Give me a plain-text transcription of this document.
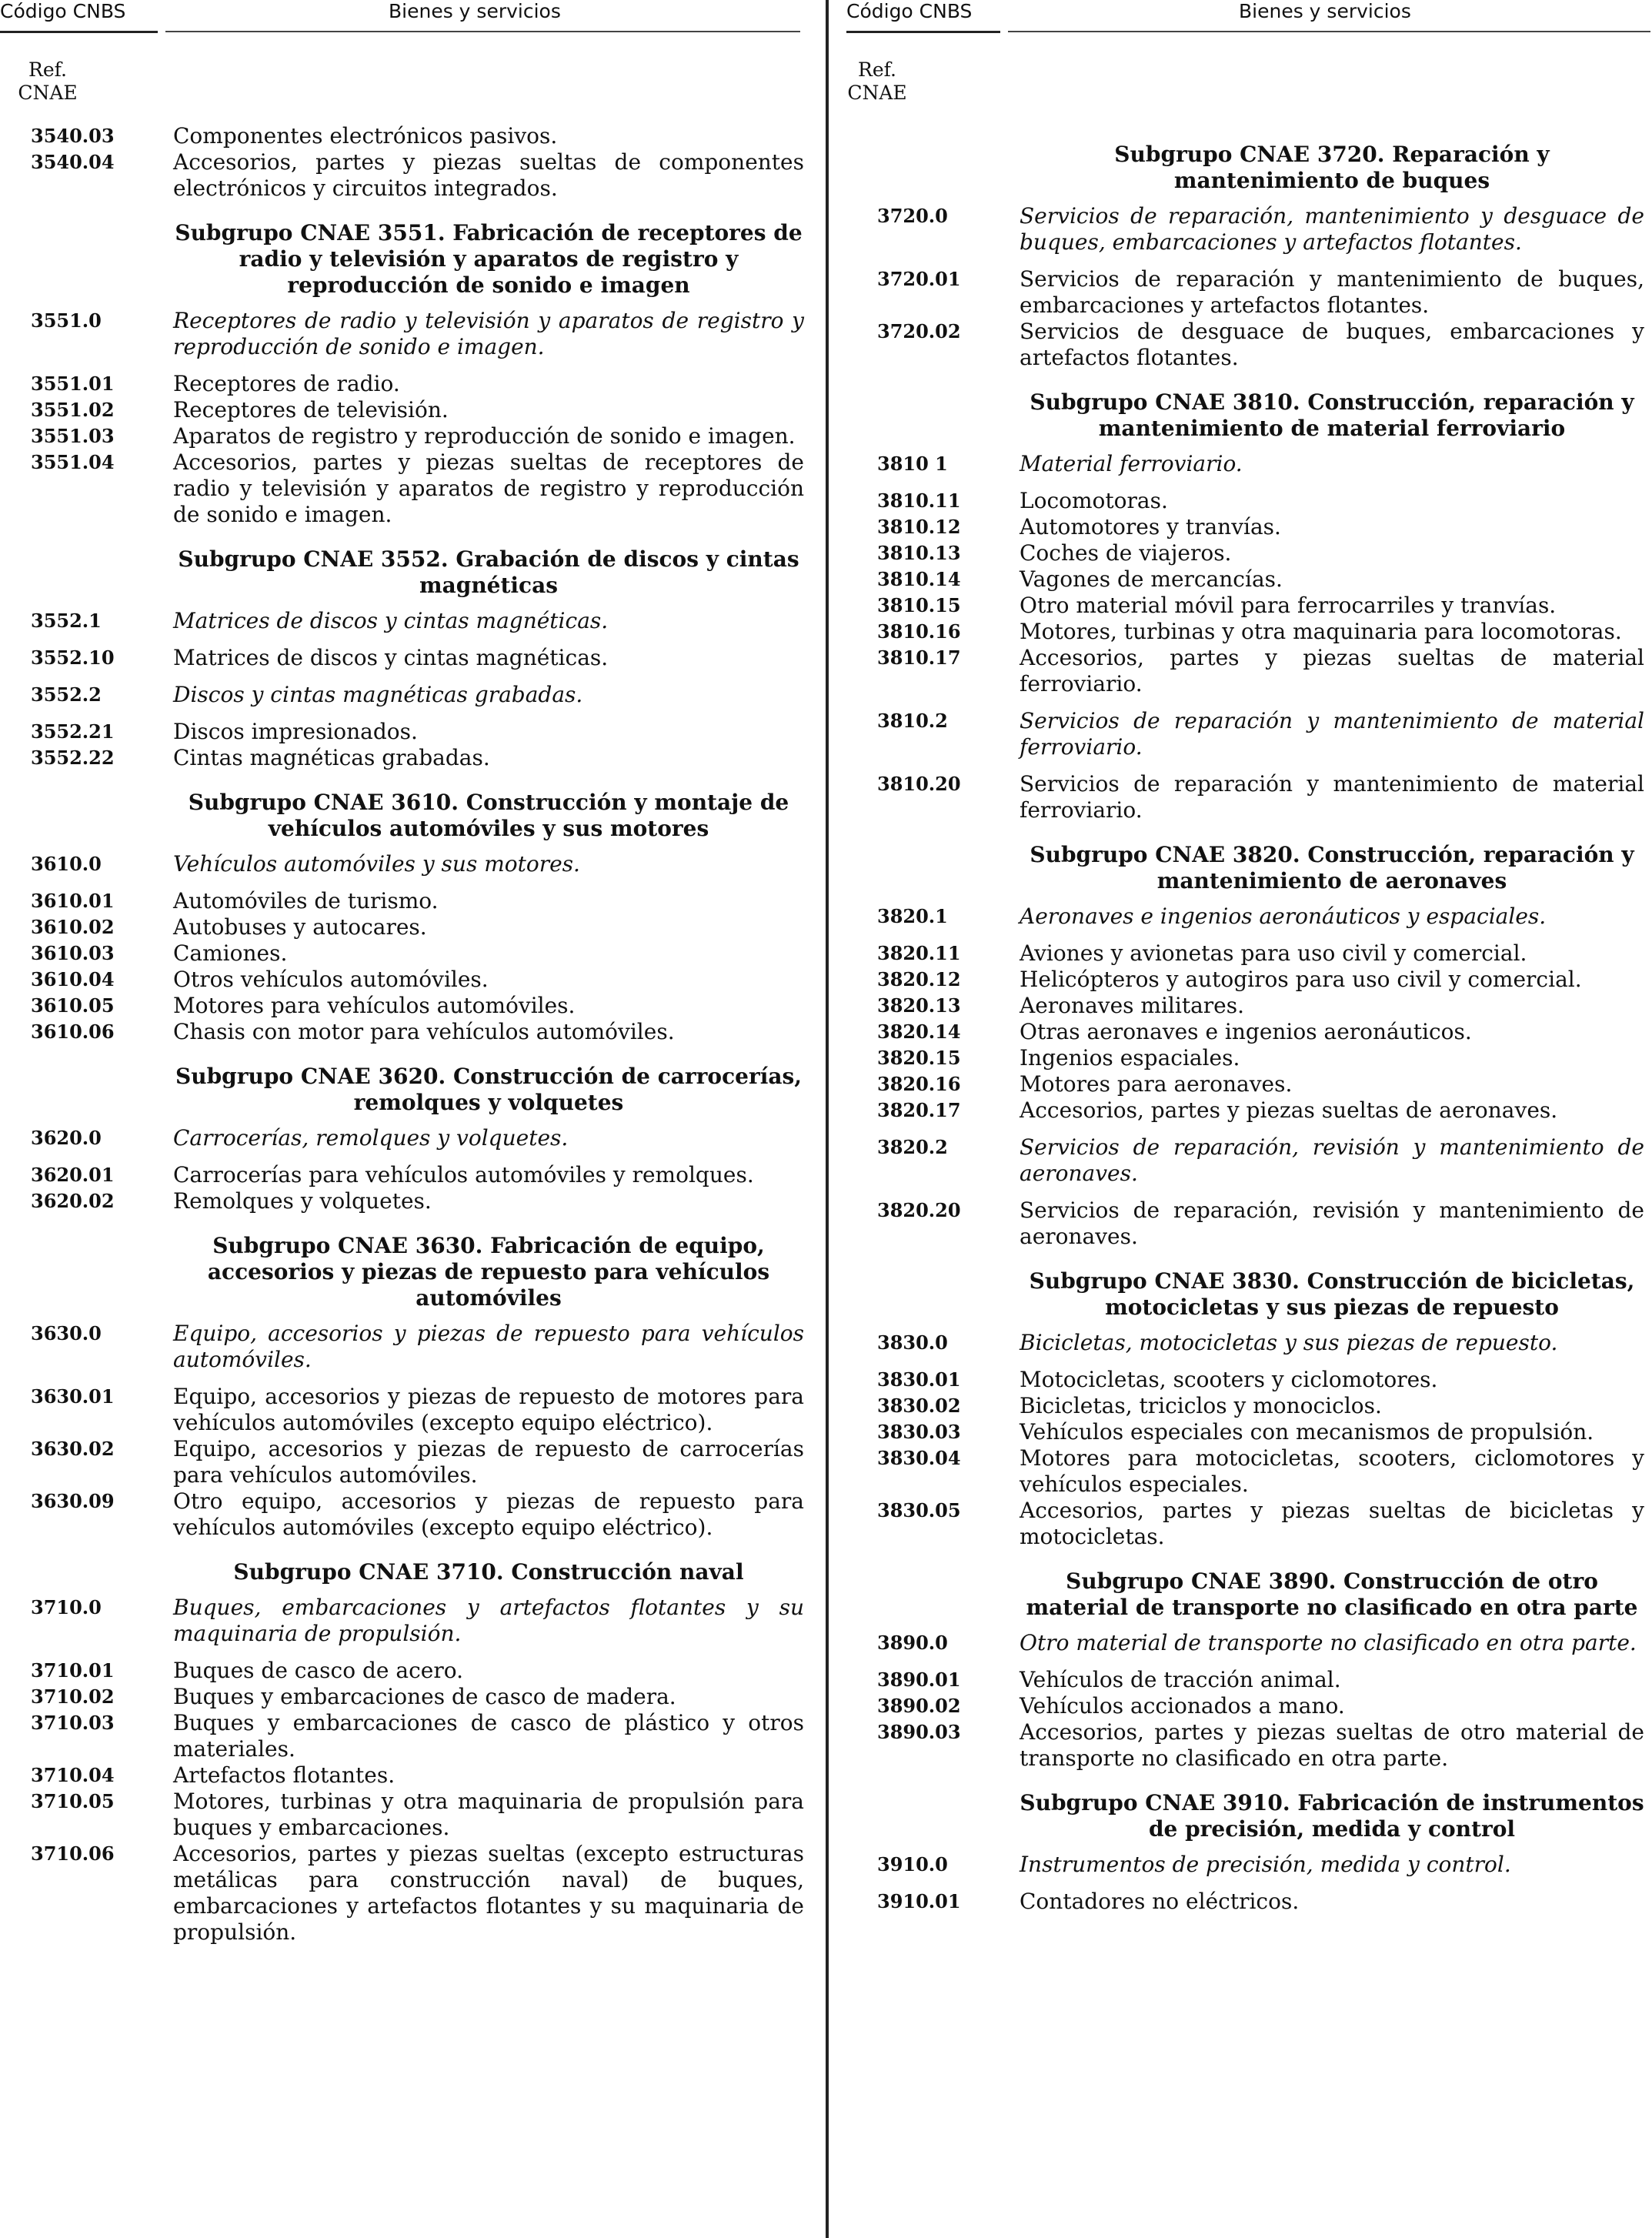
Código CNBS	Bienes y servicios
Ref.
CNAE
3540.03	Componentes electrónicos pasivos.
3540.04	Accesorios, partes y piezas sueltas de componentes electrónicos y circuitos integrados.
Subgrupo CNAE 3551. Fabricación de receptores de radio y televisión y aparatos de registro y reproducción de sonido e imagen
3551.0	Receptores de radio y televisión y aparatos de registro y reproducción de sonido e imagen.
3551.01	Receptores de radio.
3551.02	Receptores de televisión.
3551.03	Aparatos de registro y reproducción de sonido e imagen.
3551.04	Accesorios, partes y piezas sueltas de receptores de radio y televisión y aparatos de registro y reproducción de sonido e imagen.
Subgrupo CNAE 3552. Grabación de discos y cintas magnéticas
3552.1	Matrices de discos y cintas magnéticas.
3552.10	Matrices de discos y cintas magnéticas.
3552.2	Discos y cintas magnéticas grabadas.
3552.21	Discos impresionados.
3552.22	Cintas magnéticas grabadas.
Subgrupo CNAE 3610. Construcción y montaje de vehículos automóviles y sus motores
3610.0	Vehículos automóviles y sus motores.
3610.01	Automóviles de turismo.
3610.02	Autobuses y autocares.
3610.03	Camiones.
3610.04	Otros vehículos automóviles.
3610.05	Motores para vehículos automóviles.
3610.06	Chasis con motor para vehículos automóviles.
Subgrupo CNAE 3620. Construcción de carrocerías, remolques y volquetes
3620.0	Carrocerías, remolques y volquetes.
3620.01	Carrocerías para vehículos automóviles y remolques.
3620.02	Remolques y volquetes.
Subgrupo CNAE 3630. Fabricación de equipo, accesorios y piezas de repuesto para vehículos automóviles
3630.0	Equipo, accesorios y piezas de repuesto para vehículos automóviles.
3630.01	Equipo, accesorios y piezas de repuesto de motores para vehículos automóviles (excepto equipo eléctrico).
3630.02	Equipo, accesorios y piezas de repuesto de carrocerías para vehículos automóviles.
3630.09	Otro equipo, accesorios y piezas de repuesto para vehículos automóviles (excepto equipo eléctrico).
Subgrupo CNAE 3710. Construcción naval
3710.0	Buques, embarcaciones y artefactos flotantes y su maquinaria de propulsión.
3710.01	Buques de casco de acero.
3710.02	Buques y embarcaciones de casco de madera.
3710.03	Buques y embarcaciones de casco de plástico y otros materiales.
3710.04	Artefactos flotantes.
3710.05	Motores, turbinas y otra maquinaria de propulsión para buques y embarcaciones.
3710.06	Accesorios, partes y piezas sueltas (excepto estructuras metálicas para construcción naval) de buques, embarcaciones y artefactos flotantes y su maquinaria de propulsión.
Código CNBS	Bienes y servicios
Ref.
CNAE
Subgrupo CNAE 3720. Reparación y mantenimiento de buques
3720.0	Servicios de reparación, mantenimiento y desguace de buques, embarcaciones y artefactos flotantes.
3720.01	Servicios de reparación y mantenimiento de buques, embarcaciones y artefactos flotantes.
3720.02	Servicios de desguace de buques, embarcaciones y artefactos flotantes.
Subgrupo CNAE 3810. Construcción, reparación y mantenimiento de material ferroviario
3810 1	Material ferroviario.
3810.11	Locomotoras.
3810.12	Automotores y tranvías.
3810.13	Coches de viajeros.
3810.14	Vagones de mercancías.
3810.15	Otro material móvil para ferrocarriles y tranvías.
3810.16	Motores, turbinas y otra maquinaria para locomotoras.
3810.17	Accesorios, partes y piezas sueltas de material ferroviario.
3810.2	Servicios de reparación y mantenimiento de material ferroviario.
3810.20	Servicios de reparación y mantenimiento de material ferroviario.
Subgrupo CNAE 3820. Construcción, reparación y mantenimiento de aeronaves
3820.1	Aeronaves e ingenios aeronáuticos y espaciales.
3820.11	Aviones y avionetas para uso civil y comercial.
3820.12	Helicópteros y autogiros para uso civil y comercial.
3820.13	Aeronaves militares.
3820.14	Otras aeronaves e ingenios aeronáuticos.
3820.15	Ingenios espaciales.
3820.16	Motores para aeronaves.
3820.17	Accesorios, partes y piezas sueltas de aeronaves.
3820.2	Servicios de reparación, revisión y mantenimiento de aeronaves.
3820.20	Servicios de reparación, revisión y mantenimiento de aeronaves.
Subgrupo CNAE 3830. Construcción de bicicletas, motocicletas y sus piezas de repuesto
3830.0	Bicicletas, motocicletas y sus piezas de repuesto.
3830.01	Motocicletas, scooters y ciclomotores.
3830.02	Bicicletas, triciclos y monociclos.
3830.03	Vehículos especiales con mecanismos de propulsión.
3830.04	Motores para motocicletas, scooters, ciclomotores y vehículos especiales.
3830.05	Accesorios, partes y piezas sueltas de bicicletas y motocicletas.
Subgrupo CNAE 3890. Construcción de otro material de transporte no clasificado en otra parte
3890.0	Otro material de transporte no clasificado en otra parte.
3890.01	Vehículos de tracción animal.
3890.02	Vehículos accionados a mano.
3890.03	Accesorios, partes y piezas sueltas de otro material de transporte no clasificado en otra parte.
Subgrupo CNAE 3910. Fabricación de instrumentos de precisión, medida y control
3910.0	Instrumentos de precisión, medida y control.
3910.01	Contadores no eléctricos.
